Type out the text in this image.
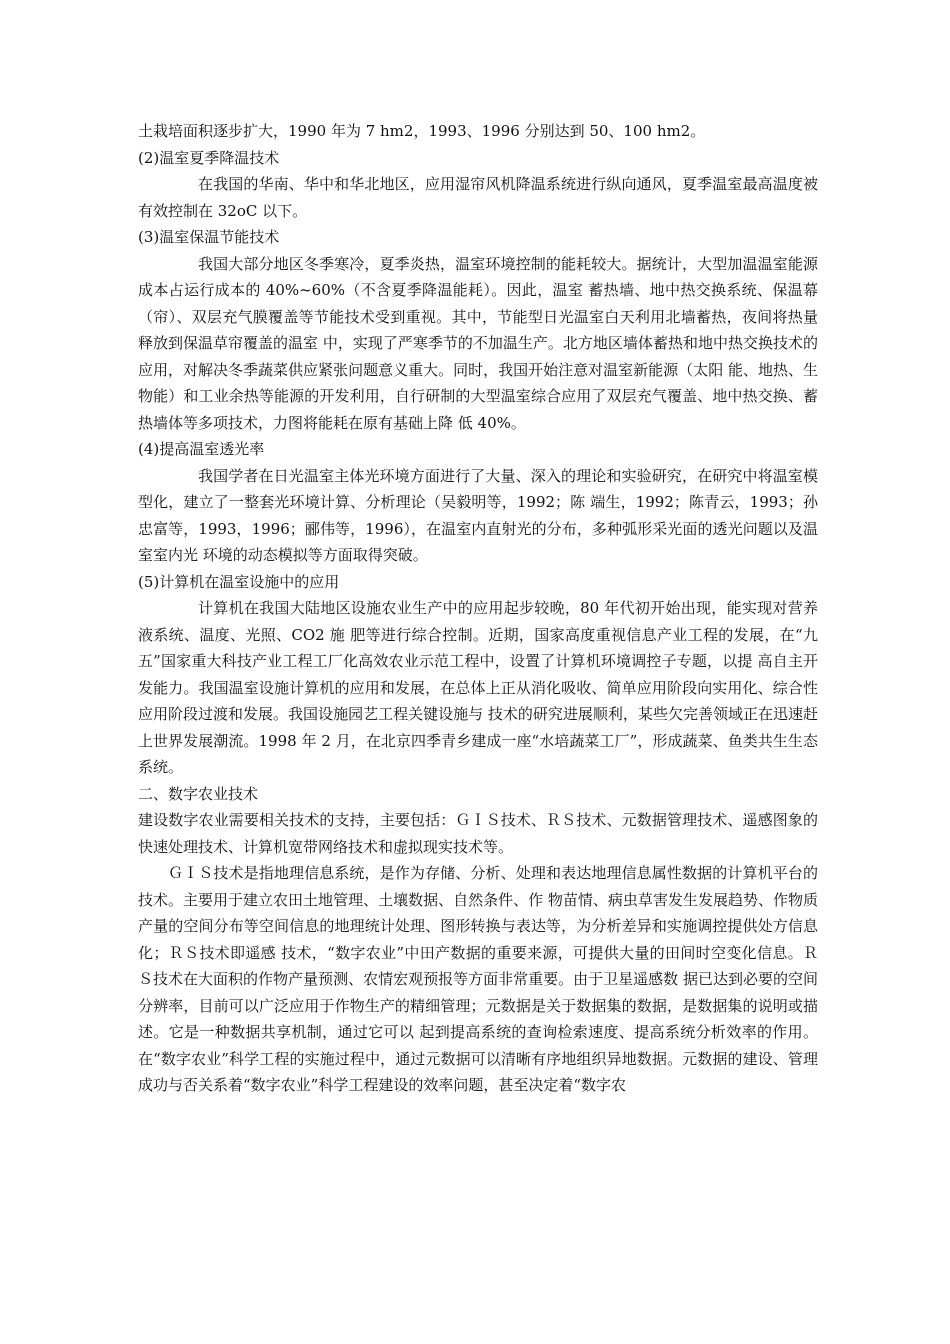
土栽培面积逐步扩大，1990 年为 7 hm2，1993、1996 分别达到 50、100 hm2。

(2)温室夏季降温技术

在我国的华南、华中和华北地区，应用湿帘风机降温系统进行纵向通风，夏季温室最高温度被有效控制在 32oC 以下。

(3)温室保温节能技术

我国大部分地区冬季寒冷，夏季炎热，温室环境控制的能耗较大。据统计，大型加温温室能源成本占运行成本的 40%~60%（不含夏季降温能耗）。因此，温室 蓄热墙、地中热交换系统、保温幕（帘）、双层充气膜覆盖等节能技术受到重视。其中，节能型日光温室白天利用北墙蓄热，夜间将热量释放到保温草帘覆盖的温室 中，实现了严寒季节的不加温生产。北方地区墙体蓄热和地中热交换技术的应用，对解决冬季蔬菜供应紧张问题意义重大。同时，我国开始注意对温室新能源（太阳 能、地热、生物能）和工业余热等能源的开发利用，自行研制的大型温室综合应用了双层充气覆盖、地中热交换、蓄热墙体等多项技术，力图将能耗在原有基础上降 低 40%。

(4)提高温室透光率

我国学者在日光温室主体光环境方面进行了大量、深入的理论和实验研究，在研究中将温室模型化，建立了一整套光环境计算、分析理论（吴毅明等，1992；陈 端生，1992；陈青云，1993；孙忠富等，1993，1996；郦伟等，1996），在温室内直射光的分布，多种弧形采光面的透光问题以及温室室内光 环境的动态模拟等方面取得突破。

(5)计算机在温室设施中的应用

计算机在我国大陆地区设施农业生产中的应用起步较晚，80 年代初开始出现，能实现对营养液系统、温度、光照、CO2 施 肥等进行综合控制。近期，国家高度重视信息产业工程的发展，在“九五”国家重大科技产业工程工厂化高效农业示范工程中，设置了计算机环境调控子专题，以提 高自主开发能力。我国温室设施计算机的应用和发展，在总体上正从消化吸收、简单应用阶段向实用化、综合性应用阶段过渡和发展。我国设施园艺工程关键设施与 技术的研究进展顺利，某些欠完善领域正在迅速赶上世界发展潮流。1998 年 2 月，在北京四季青乡建成一座“水培蔬菜工厂”，形成蔬菜、鱼类共生生态系统。

二、数字农业技术

建设数字农业需要相关技术的支持，主要包括：ＧＩＳ技术、ＲＳ技术、元数据管理技术、遥感图象的快速处理技术、计算机宽带网络技术和虚拟现实技术等。

ＧＩＳ技术是指地理信息系统，是作为存储、分析、处理和表达地理信息属性数据的计算机平台的技术。主要用于建立农田土地管理、土壤数据、自然条件、作 物苗情、病虫草害发生发展趋势、作物质产量的空间分布等空间信息的地理统计处理、图形转换与表达等，为分析差异和实施调控提供处方信息化；ＲＳ技术即遥感 技术，“数字农业”中田产数据的重要来源，可提供大量的田间时空变化信息。ＲＳ技术在大面积的作物产量预测、农情宏观预报等方面非常重要。由于卫星遥感数 据已达到必要的空间分辨率，目前可以广泛应用于作物生产的精细管理；元数据是关于数据集的数据，是数据集的说明或描述。它是一种数据共享机制，通过它可以 起到提高系统的查询检索速度、提高系统分析效率的作用。在“数字农业”科学工程的实施过程中，通过元数据可以清晰有序地组织异地数据。元数据的建设、管理 成功与否关系着“数字农业”科学工程建设的效率问题，甚至决定着“数字农
